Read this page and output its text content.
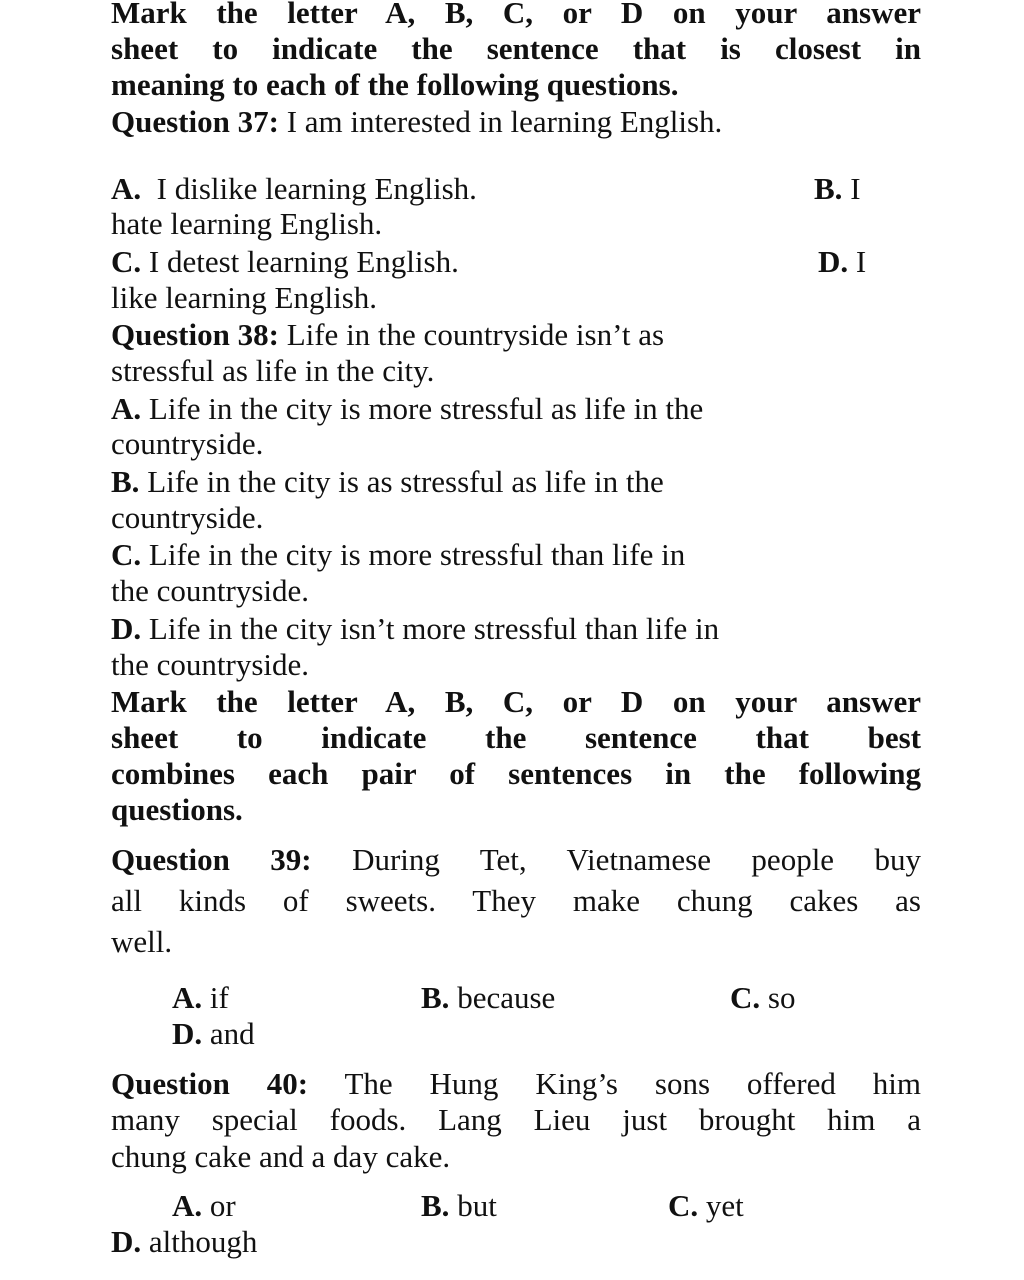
Mark the letter A, B, C, or D on your answer

sheet to indicate the sentence that is closest in

meaning to each of the following questions.

Question 37: I am interested in learning English.

A. I dislike learning English.	B. I

hate learning English.

C. I detest learning English.	D. I

like learning English.

Question 38: Life in the countryside isn’t as

stressful as life in the city.

A. Life in the city is more stressful as life in the

countryside.

B. Life in the city is as stressful as life in the

countryside.

C. Life in the city is more stressful than life in

the countryside.

D. Life in the city isn’t more stressful than life in

the countryside.

Mark the letter A, B, C, or D on your answer

sheet to indicate the sentence that best

combines each pair of sentences in the following

questions.

Question 39: During Tet, Vietnamese people buy

all kinds of sweets. They make chung cakes as

well.

A. if	B. because	C. so

D. and

Question 40: The Hung King’s sons offered him

many special foods. Lang Lieu just brought him a

chung cake and a day cake.

A. or	B. but	C. yet

D. although
